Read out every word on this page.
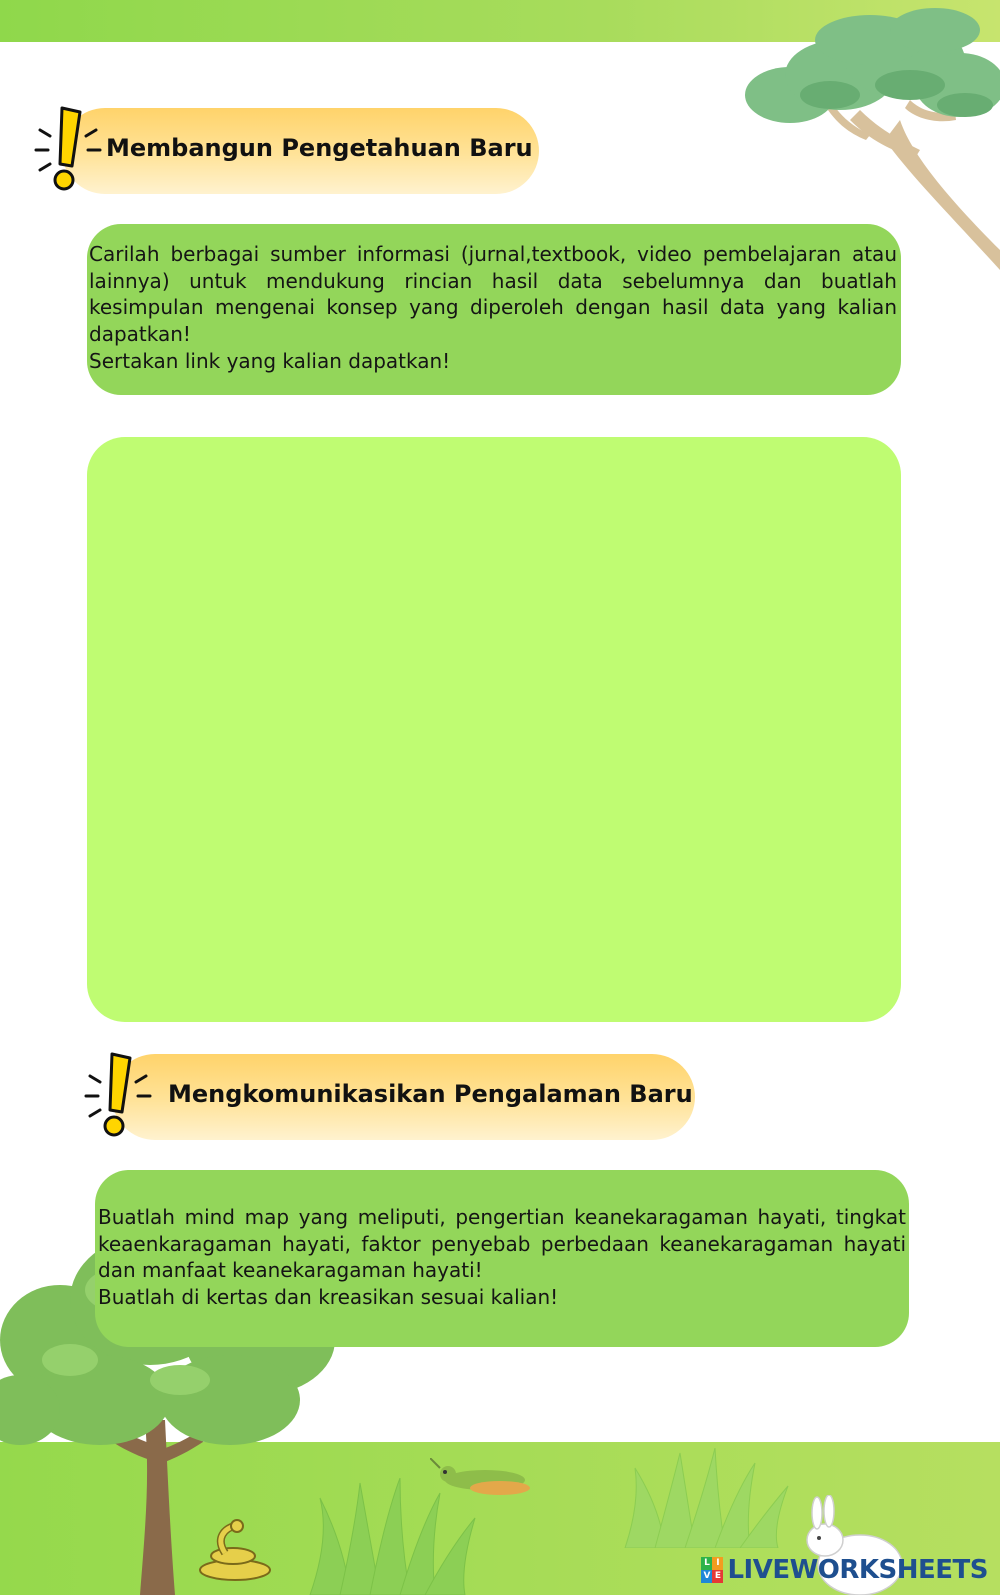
Membangun Pengetahuan Baru

Carilah berbagai sumber informasi (jurnal,textbook, video pembelajaran atau lainnya) untuk mendukung rincian hasil data sebelumnya dan buatlah kesimpulan mengenai konsep yang diperoleh dengan hasil data yang kalian dapatkan!

Sertakan link yang kalian dapatkan!

Mengkomunikasikan Pengalaman Baru

Buatlah mind map yang meliputi, pengertian keanekaragaman hayati, tingkat keaenkaragaman hayati, faktor penyebab perbedaan keanekaragaman hayati dan manfaat keanekaragaman hayati!

Buatlah di kertas dan kreasikan sesuai kalian!

L I
V E LIVEWORKSHEETS
